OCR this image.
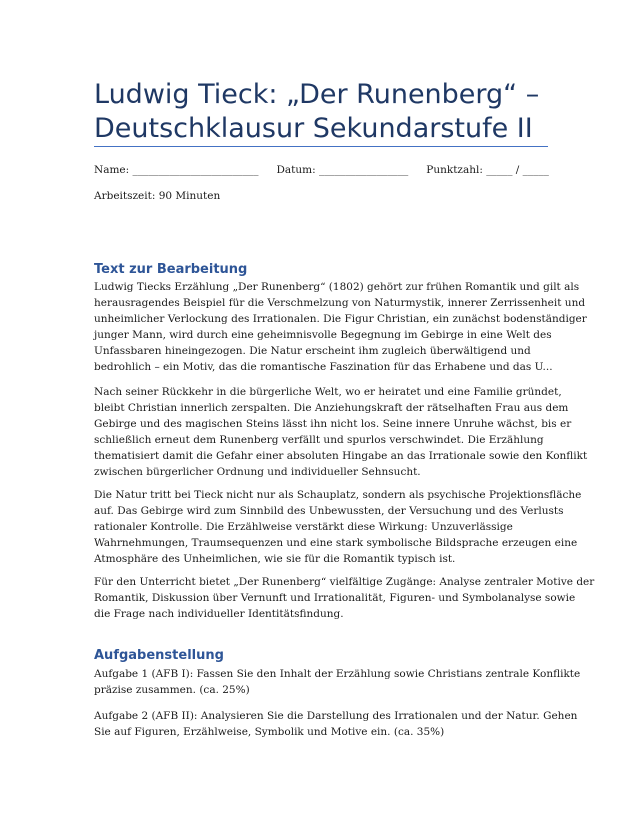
Ludwig Tieck: „Der Runenberg“ –
Deutschklausur Sekundarstufe II
Name: ________________________ Datum: _________________ Punktzahl: _____ / _____
Arbeitszeit: 90 Minuten
Text zur Bearbeitung

Ludwig Tiecks Erzählung „Der Runenberg“ (1802) gehört zur frühen Romantik und gilt als
herausragendes Beispiel für die Verschmelzung von Naturmystik, innerer Zerrissenheit und
unheimlicher Verlockung des Irrationalen. Die Figur Christian, ein zunächst bodenständiger
junger Mann, wird durch eine geheimnisvolle Begegnung im Gebirge in eine Welt des
Unfassbaren hineingezogen. Die Natur erscheint ihm zugleich überwältigend und
bedrohlich – ein Motiv, das die romantische Faszination für das Erhabene und das U...

Nach seiner Rückkehr in die bürgerliche Welt, wo er heiratet und eine Familie gründet,
bleibt Christian innerlich zerspalten. Die Anziehungskraft der rätselhaften Frau aus dem
Gebirge und des magischen Steins lässt ihn nicht los. Seine innere Unruhe wächst, bis er
schließlich erneut dem Runenberg verfällt und spurlos verschwindet. Die Erzählung
thematisiert damit die Gefahr einer absoluten Hingabe an das Irrationale sowie den Konflikt
zwischen bürgerlicher Ordnung und individueller Sehnsucht.

Die Natur tritt bei Tieck nicht nur als Schauplatz, sondern als psychische Projektionsfläche
auf. Das Gebirge wird zum Sinnbild des Unbewussten, der Versuchung und des Verlusts
rationaler Kontrolle. Die Erzählweise verstärkt diese Wirkung: Unzuverlässige
Wahrnehmungen, Traumsequenzen und eine stark symbolische Bildsprache erzeugen eine
Atmosphäre des Unheimlichen, wie sie für die Romantik typisch ist.

Für den Unterricht bietet „Der Runenberg“ vielfältige Zugänge: Analyse zentraler Motive der
Romantik, Diskussion über Vernunft und Irrationalität, Figuren- und Symbolanalyse sowie
die Frage nach individueller Identitätsfindung.

Aufgabenstellung

Aufgabe 1 (AFB I): Fassen Sie den Inhalt der Erzählung sowie Christians zentrale Konflikte
präzise zusammen. (ca. 25%)

Aufgabe 2 (AFB II): Analysieren Sie die Darstellung des Irrationalen und der Natur. Gehen
Sie auf Figuren, Erzählweise, Symbolik und Motive ein. (ca. 35%)
